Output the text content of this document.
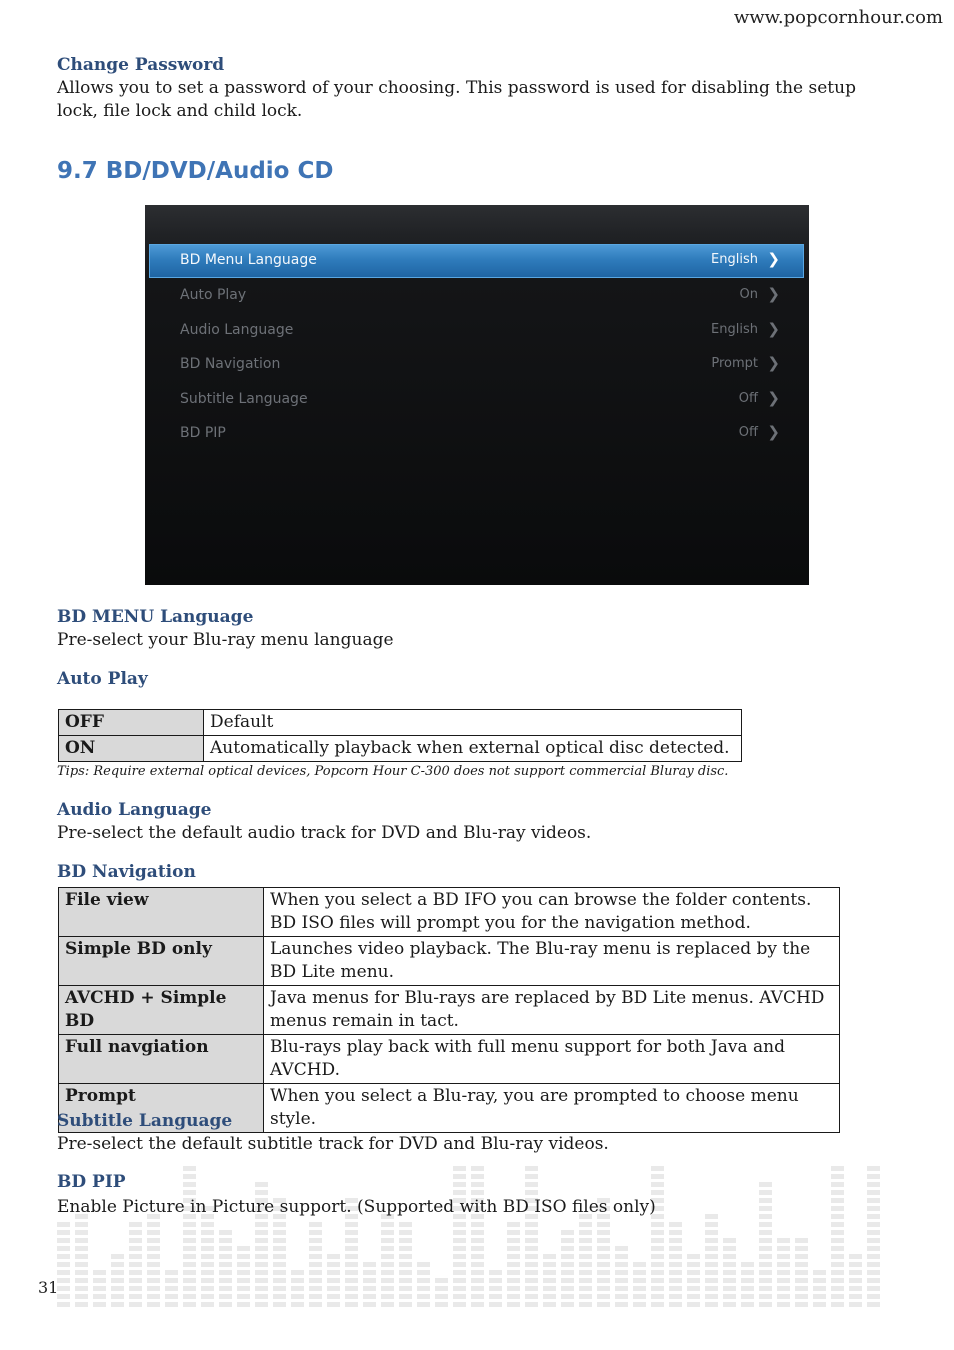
www.popcornhour.com
Change Password
Allows you to set a password of your choosing. This password is used for disabling the setup lock, file lock and child lock.
9.7 BD/DVD/Audio CD
BD Menu Language	English ❯
Auto Play	On ❯
Audio Language	English ❯
BD Navigation	Prompt ❯
Subtitle Language	Off ❯
BD PIP	Off ❯
BD MENU Language
Pre-select your Blu-ray menu language
Auto Play
OFF	Default
ON	Automatically playback when external optical disc detected.
Tips: Require external optical devices, Popcorn Hour C-300 does not support commercial Bluray disc.
Audio Language
Pre-select the default audio track for DVD and Blu-ray videos.
BD Navigation
File view	When you select a BD IFO you can browse the folder contents. BD ISO files will prompt you for the navigation method.
Simple BD only	Launches video playback. The Blu-ray menu is replaced by the BD Lite menu.
AVCHD + Simple BD	Java menus for Blu-rays are replaced by BD Lite menus. AVCHD menus remain in tact.
Full navgiation	Blu-rays play back with full menu support for both Java and AVCHD.
Prompt	When you select a Blu-ray, you are prompted to choose menu style.
Subtitle Language
Pre-select the default subtitle track for DVD and Blu-ray videos.
BD PIP
Enable Picture in Picture support. (Supported with BD ISO files only)
31
